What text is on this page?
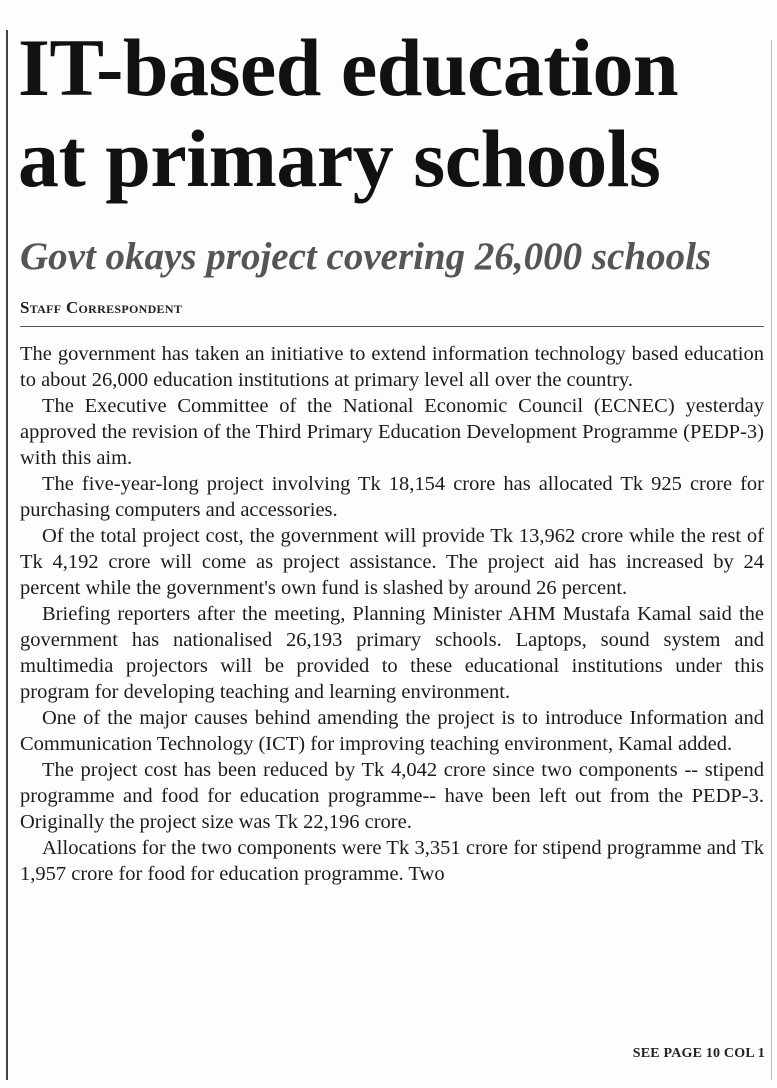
IT-based education
at primary schools
Govt okays project covering 26,000 schools
Staff Correspondent

The government has taken an initiative to extend information technology based education to about 26,000 education institutions at primary level all over the country.

The Executive Committee of the National Economic Council (ECNEC) yesterday approved the revision of the Third Primary Education Development Programme (PEDP-3) with this aim.

The five-year-long project involving Tk 18,154 crore has allocated Tk 925 crore for purchasing computers and accessories.

Of the total project cost, the government will provide Tk 13,962 crore while the rest of Tk 4,192 crore will come as project assistance. The project aid has increased by 24 percent while the government's own fund is slashed by around 26 percent.

Briefing reporters after the meeting, Planning Minister AHM Mustafa Kamal said the government has nationalised 26,193 primary schools. Laptops, sound system and multimedia projectors will be provided to these educational institutions under this program for developing teaching and learning environment.

One of the major causes behind amending the project is to introduce Information and Communication Technology (ICT) for improving teaching environment, Kamal added.

The project cost has been reduced by Tk 4,042 crore since two components -- stipend programme and food for education programme-- have been left out from the PEDP-3. Originally the project size was Tk 22,196 crore.

Allocations for the two components were Tk 3,351 crore for stipend programme and Tk 1,957 crore for food for education programme. Two

SEE PAGE 10 COL 1
